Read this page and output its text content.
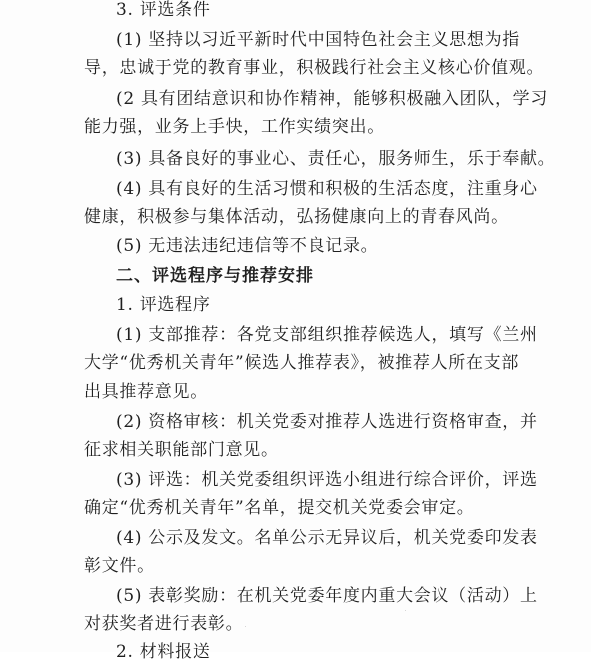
3. 评选条件
(1) 坚持以习近平新时代中国特色社会主义思想为指
导，忠诚于党的教育事业，积极践行社会主义核心价值观。
(2 具有团结意识和协作精神，能够积极融入团队，学习
能力强，业务上手快，工作实绩突出。
(3) 具备良好的事业心、责任心，服务师生，乐于奉献。
(4) 具有良好的生活习惯和积极的生活态度，注重身心
健康，积极参与集体活动，弘扬健康向上的青春风尚。
(5) 无违法违纪违信等不良记录。
二、评选程序与推荐安排
1. 评选程序
(1) 支部推荐：各党支部组织推荐候选人，填写《兰州
大学“优秀机关青年”候选人推荐表》，被推荐人所在支部
出具推荐意见。
(2) 资格审核：机关党委对推荐人选进行资格审查，并
征求相关职能部门意见。
(3) 评选：机关党委组织评选小组进行综合评价，评选
确定“优秀机关青年”名单，提交机关党委会审定。
(4) 公示及发文。名单公示无异议后，机关党委印发表
彰文件。
(5) 表彰奖励：在机关党委年度内重大会议（活动）上
对获奖者进行表彰。
2. 材料报送
